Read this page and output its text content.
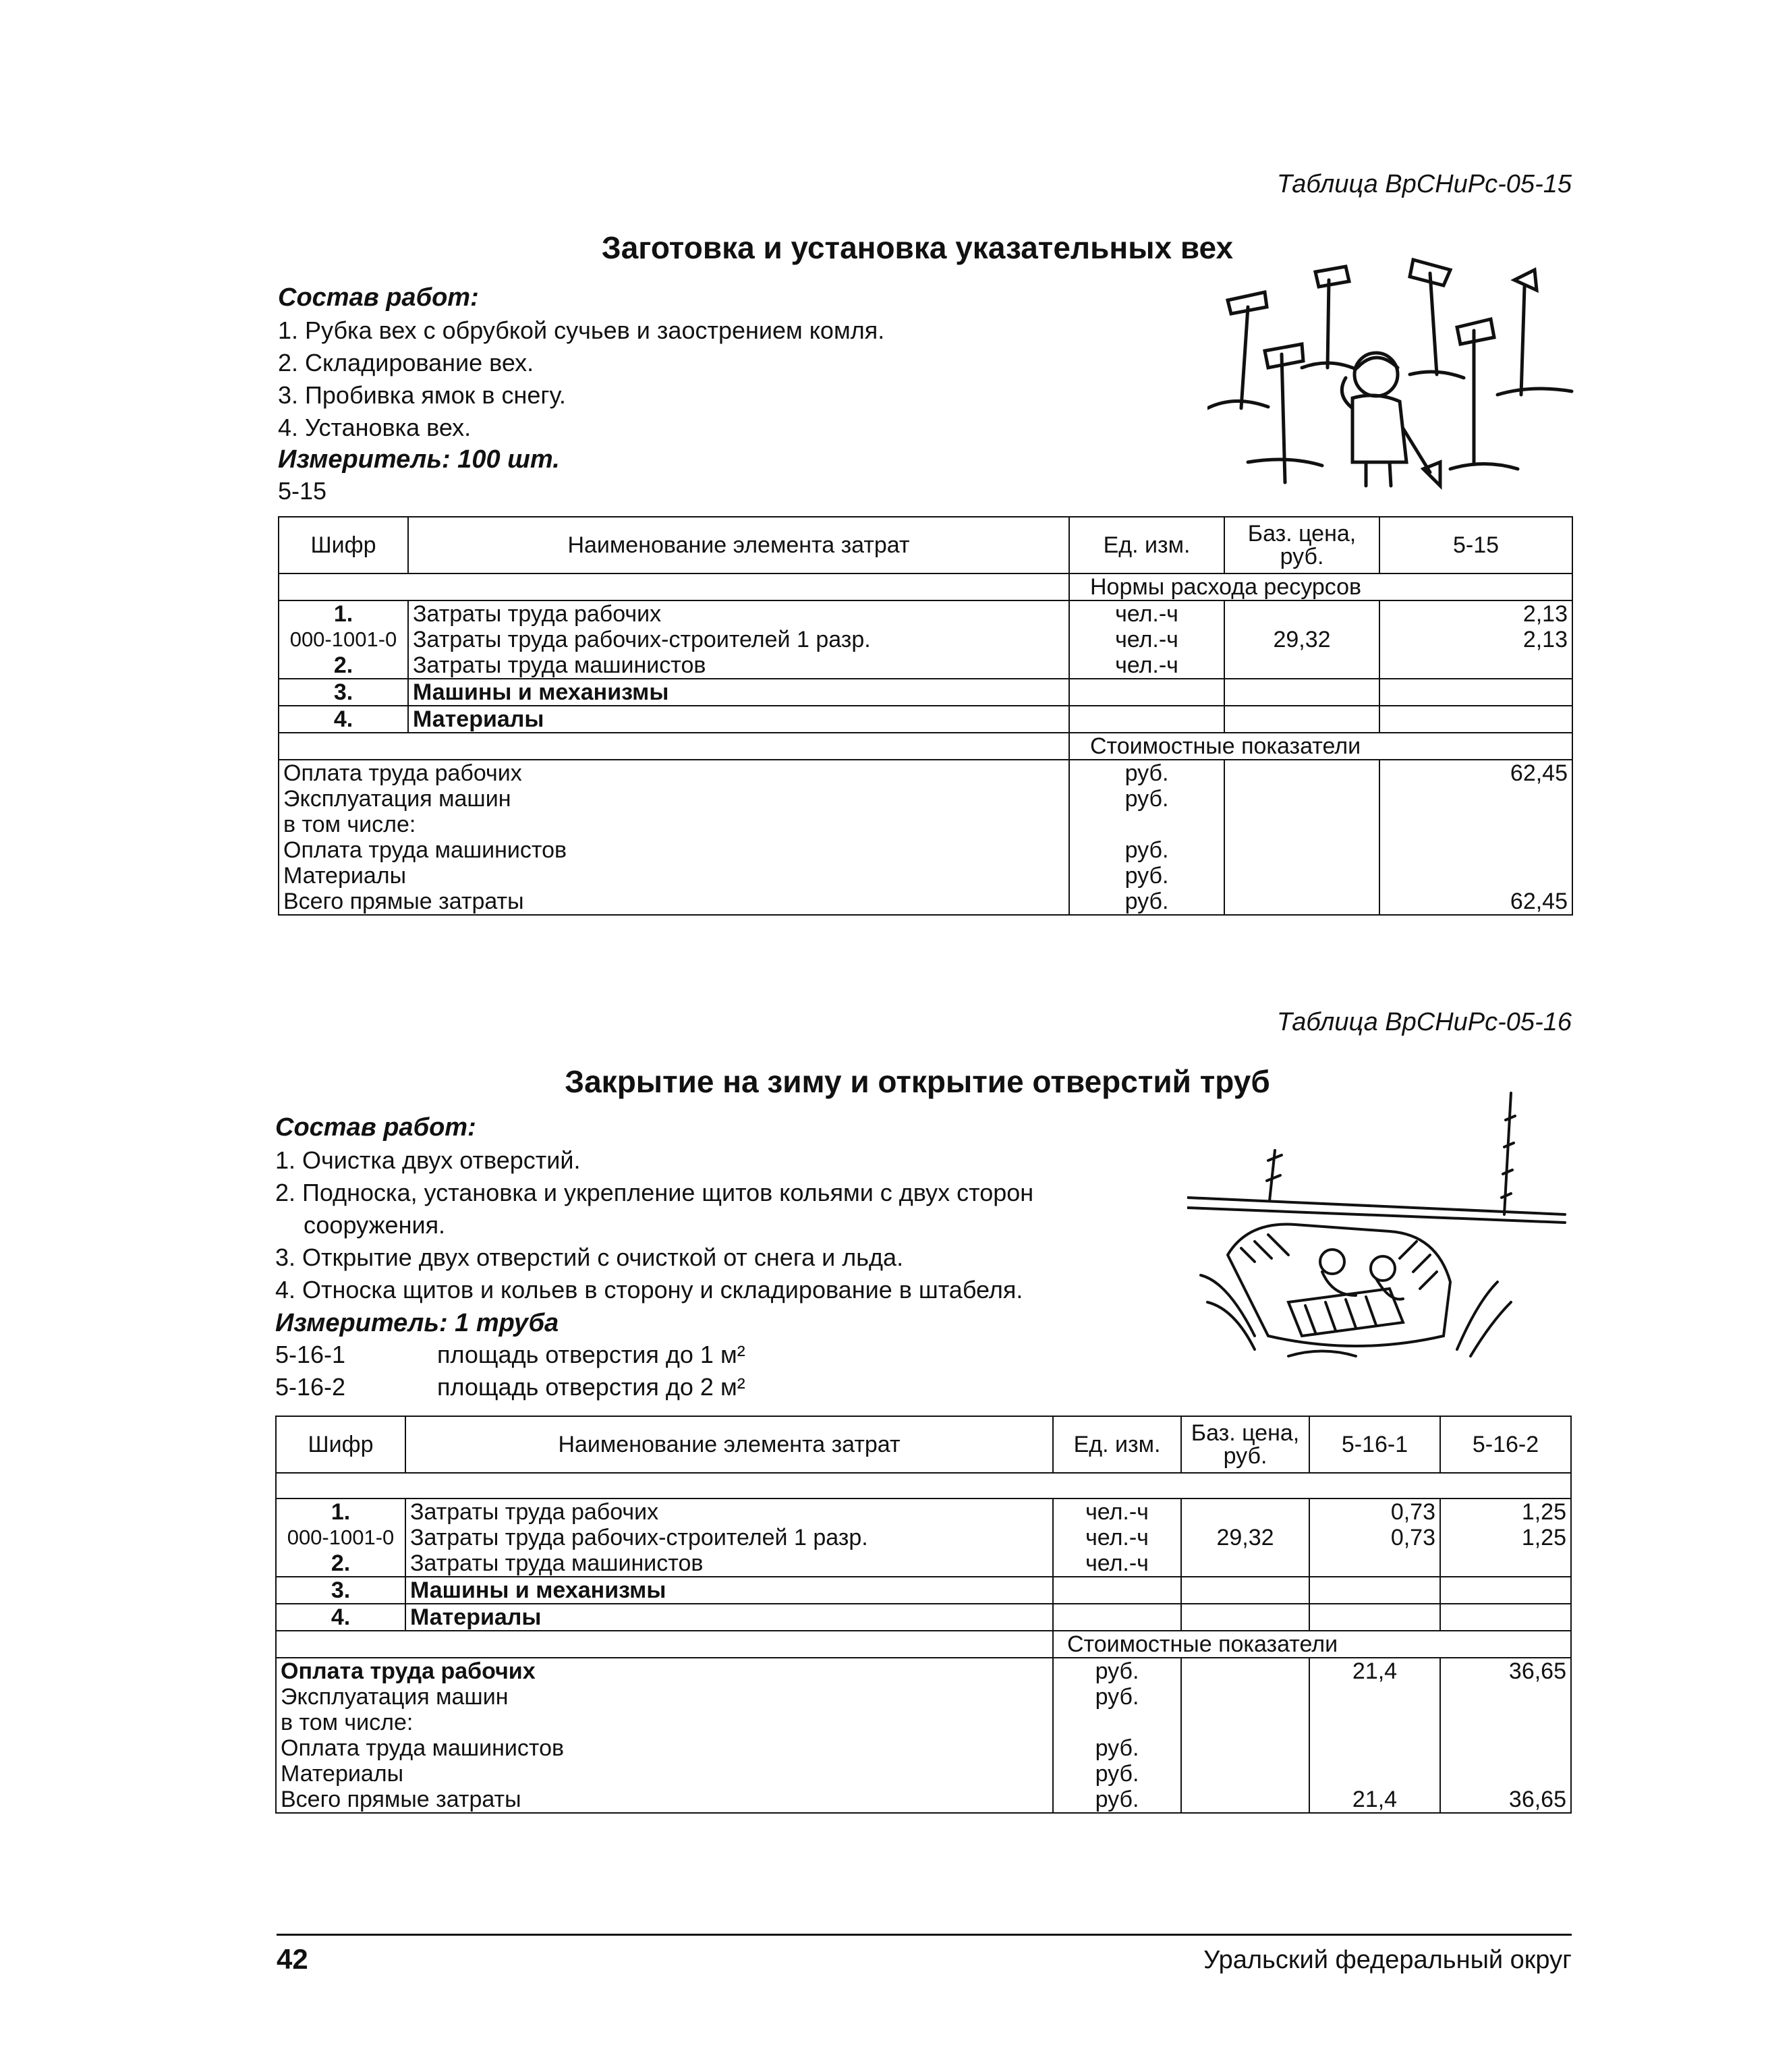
Таблица ВрСНиРс-05-15
Заготовка и установка указательных вех
Состав работ:
1. Рубка вех с обрубкой сучьев и заострением комля.
2. Складирование вех.
3. Пробивка ямок в снегу.
4. Установка вех.
Измеритель: 100 шт.
5-15
Шифр	Наименование элемента затрат	Ед. изм.	Баз. цена, руб.	5-15
		Нормы расхода ресурсов		
1.	Затраты труда рабочих	чел.-ч		2,13
000-1001-0	Затраты труда рабочих-строителей 1 разр.	чел.-ч	29,32	2,13
2.	Затраты труда машинистов	чел.-ч		
3.	Машины и механизмы			
4.	Материалы			
		Стоимостные показатели		
Оплата труда рабочих		руб.		62,45
Эксплуатация машин		руб.		
в том числе:				
Оплата труда машинистов		руб.		
Материалы		руб.		
Всего прямые затраты		руб.		62,45
Таблица ВрСНиРс-05-16
Закрытие на зиму и открытие отверстий труб
Состав работ:
1. Очистка двух отверстий.
2. Подноска, установка и укрепление щитов кольями с двух сторон
сооружения.
3. Открытие двух отверстий с очисткой от снега и льда.
4. Относка щитов и кольев в сторону и складирование в штабеля.
Измеритель: 1 труба
5-16-1	площадь отверстия до 1 м²
5-16-2	площадь отверстия до 2 м²
Шифр	Наименование элемента затрат	Ед. изм.	Баз. цена, руб.	5-16-1	5-16-2

1.	Затраты труда рабочих	чел.-ч		0,73	1,25
000-1001-0	Затраты труда рабочих-строителей 1 разр.	чел.-ч	29,32	0,73	1,25
2.	Затраты труда машинистов	чел.-ч			
3.	Машины и механизмы				
4.	Материалы				
		Стоимостные показатели			
Оплата труда рабочих		руб.		21,4	36,65
Эксплуатация машин		руб.			
в том числе:					
Оплата труда машинистов		руб.			
Материалы		руб.			
Всего прямые затраты		руб.		21,4	36,65
42	Уральский федеральный округ
